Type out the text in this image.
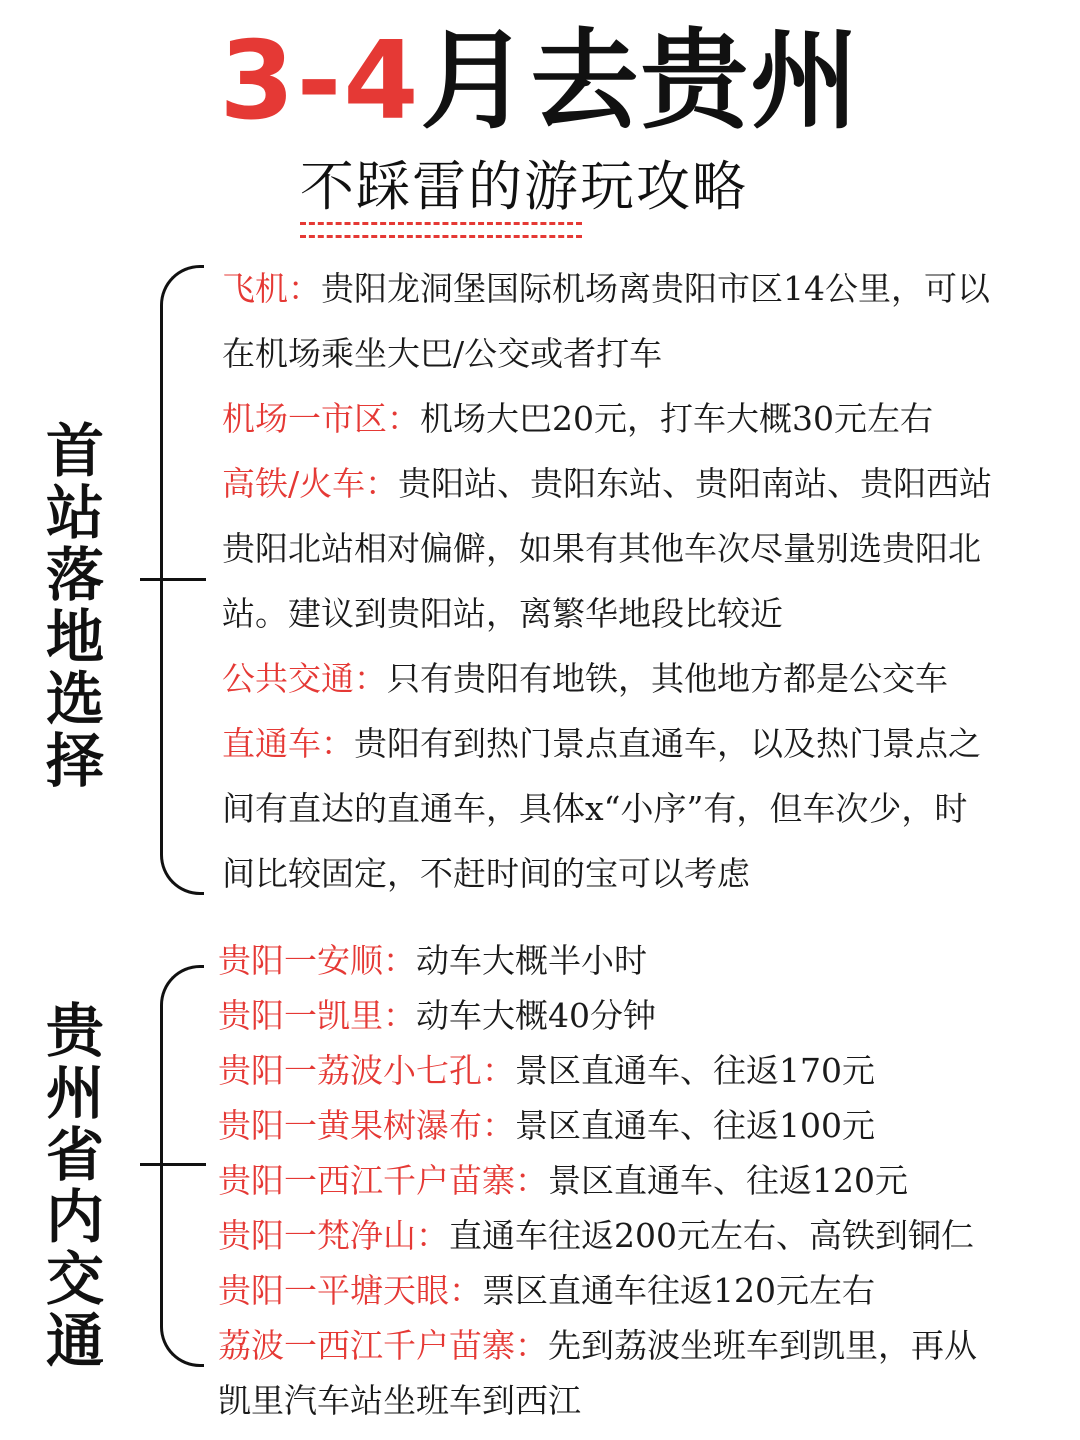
3-4月去贵州
不踩雷的游玩攻略
首站落地选择

飞机：贵阳龙洞堡国际机场离贵阳市区14公里，可以

在机场乘坐大巴/公交或者打车

机场一市区：机场大巴20元，打车大概30元左右

高铁/火车：贵阳站、贵阳东站、贵阳南站、贵阳西站

贵阳北站相对偏僻，如果有其他车次尽量别选贵阳北

站。建议到贵阳站，离繁华地段比较近

公共交通：只有贵阳有地铁，其他地方都是公交车

直通车：贵阳有到热门景点直通车，以及热门景点之

间有直达的直通车，具体x“小序”有，但车次少，时

间比较固定，不赶时间的宝可以考虑

贵州省内交通

贵阳一安顺：动车大概半小时

贵阳一凯里：动车大概40分钟

贵阳一荔波小七孔：景区直通车、往返170元

贵阳一黄果树瀑布：景区直通车、往返100元

贵阳一西江千户苗寨：景区直通车、往返120元

贵阳一梵净山：直通车往返200元左右、高铁到铜仁

贵阳一平塘天眼：票区直通车往返120元左右

荔波一西江千户苗寨：先到荔波坐班车到凯里，再从

凯里汽车站坐班车到西江
